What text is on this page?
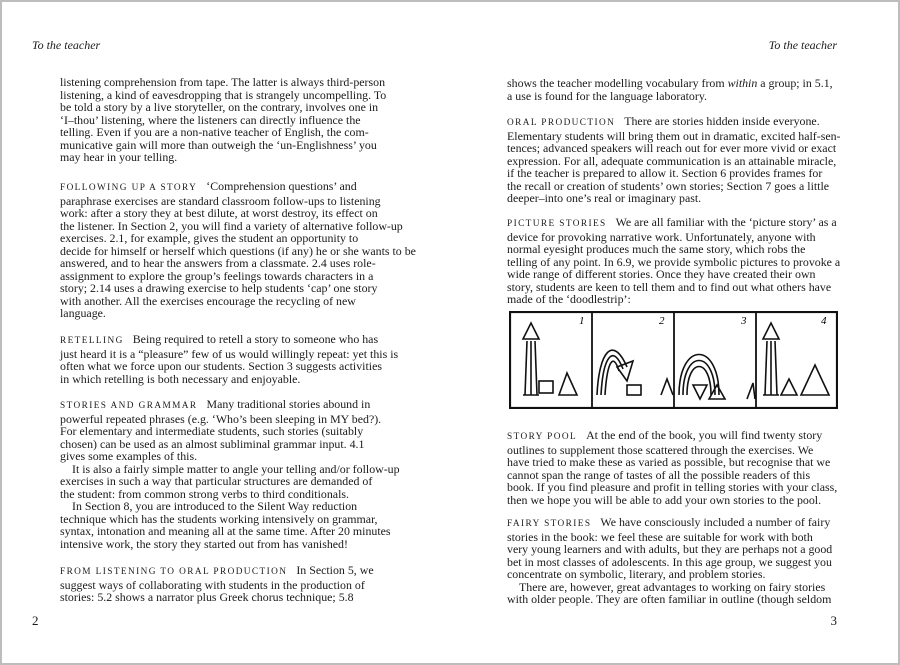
To the teacher
listening comprehension from tape. The latter is always third-person
listening, a kind of eavesdropping that is strangely uncompelling. To
be told a story by a live storyteller, on the contrary, involves one in
‘I–thou’ listening, where the listeners can directly influence the
telling. Even if you are a non-native teacher of English, the com-
municative gain will more than outweigh the ‘un-Englishness’ you
may hear in your telling.
FOLLOWING UP A STORY ‘Comprehension questions’ and
paraphrase exercises are standard classroom follow-ups to listening
work: after a story they at best dilute, at worst destroy, its effect on
the listener. In Section 2, you will find a variety of alternative follow-up
exercises. 2.1, for example, gives the student an opportunity to
decide for himself or herself which questions (if any) he or she wants to be
answered, and to hear the answers from a classmate. 2.4 uses role-
assignment to explore the group’s feelings towards characters in a
story; 2.14 uses a drawing exercise to help students ‘cap’ one story
with another. All the exercises encourage the recycling of new
language.
RETELLING Being required to retell a story to someone who has
just heard it is a “pleasure” few of us would willingly repeat: yet this is
often what we force upon our students. Section 3 suggests activities
in which retelling is both necessary and enjoyable.
STORIES AND GRAMMAR Many traditional stories abound in
powerful repeated phrases (e.g. ‘Who’s been sleeping in MY bed?).
For elementary and intermediate students, such stories (suitably
chosen) can be used as an almost subliminal grammar input. 4.1
gives some examples of this.
It is also a fairly simple matter to angle your telling and/or follow-up
exercises in such a way that particular structures are demanded of
the student: from common strong verbs to third conditionals.
In Section 8, you are introduced to the Silent Way reduction
technique which has the students working intensively on grammar,
syntax, intonation and meaning all at the same time. After 20 minutes
intensive work, the story they started out from has vanished!
FROM LISTENING TO ORAL PRODUCTION In Section 5, we
suggest ways of collaborating with students in the production of
stories: 5.2 shows a narrator plus Greek chorus technique; 5.8
2
To the teacher
shows the teacher modelling vocabulary from within a group; in 5.1,
a use is found for the language laboratory.
ORAL PRODUCTION There are stories hidden inside everyone.
Elementary students will bring them out in dramatic, excited half-sen-
tences; advanced speakers will reach out for ever more vivid or exact
expression. For all, adequate communication is an attainable miracle,
if the teacher is prepared to allow it. Section 6 provides frames for
the recall or creation of students’ own stories; Section 7 goes a little
deeper–into one’s real or imaginary past.
PICTURE STORIES We are all familiar with the ‘picture story’ as a
device for provoking narrative work. Unfortunately, anyone with
normal eyesight produces much the same story, which robs the
telling of any point. In 6.9, we provide symbolic pictures to provoke a
wide range of different stories. Once they have created their own
story, students are keen to tell them and to find out what others have
made of the ‘doodlestrip’:
STORY POOL At the end of the book, you will find twenty story
outlines to supplement those scattered through the exercises. We
have tried to make these as varied as possible, but recognise that we
cannot span the range of tastes of all the possible readers of this
book. If you find pleasure and profit in telling stories with your class,
then we hope you will be able to add your own stories to the pool.
FAIRY STORIES We have consciously included a number of fairy
stories in the book: we feel these are suitable for work with both
very young learners and with adults, but they are perhaps not a good
bet in most classes of adolescents. In this age group, we suggest you
concentrate on symbolic, literary, and problem stories.
There are, however, great advantages to working on fairy stories
with older people. They are often familiar in outline (though seldom
1	2	3	4
3
